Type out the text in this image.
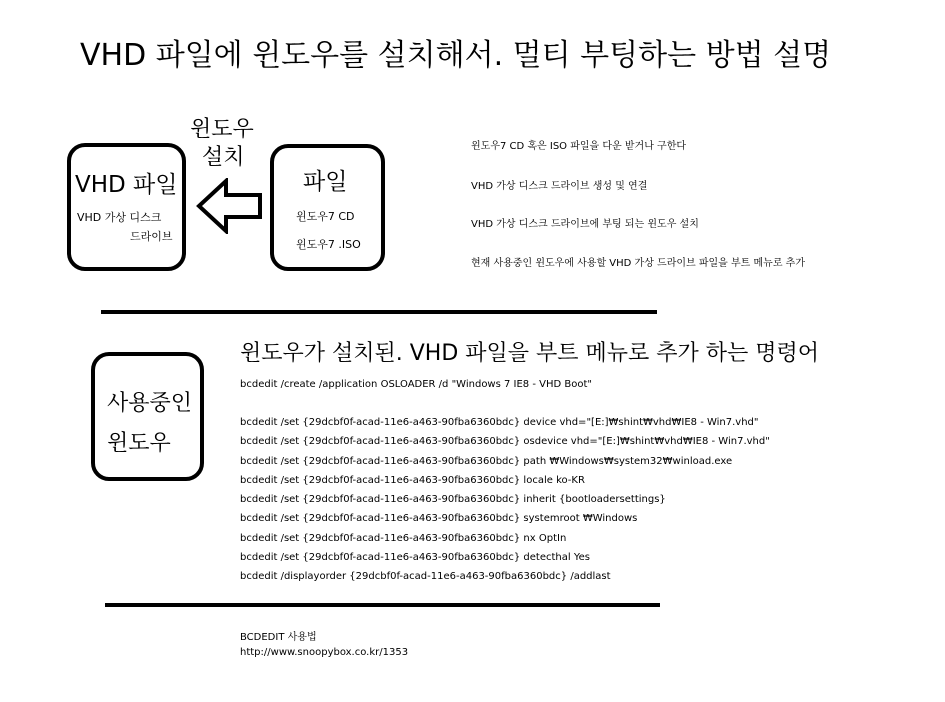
VHD 파일에 윈도우를 설치해서. 멀티 부팅하는 방법 설명
VHD 파일
VHD 가상 디스크
드라이브
윈도우
설치
파일
윈도우7 CD
윈도우7 .ISO
윈도우7 CD 혹은 ISO 파일을 다운 받거나 구한다
VHD 가상 디스크 드라이브 생성 및 연결
VHD 가상 디스크 드라이브에 부팅 되는 윈도우 설치
현재 사용중인 윈도우에 사용할 VHD 가상 드라이브 파일을 부트 메뉴로 추가
사용중인
윈도우
윈도우가 설치된. VHD 파일을 부트 메뉴로 추가 하는 명령어
bcdedit /create /application OSLOADER /d "Windows 7 IE8 - VHD Boot"
bcdedit /set {29dcbf0f-acad-11e6-a463-90fba6360bdc} device vhd="[E:]₩shint₩vhd₩IE8 - Win7.vhd"
bcdedit /set {29dcbf0f-acad-11e6-a463-90fba6360bdc} osdevice vhd="[E:]₩shint₩vhd₩IE8 - Win7.vhd"
bcdedit /set {29dcbf0f-acad-11e6-a463-90fba6360bdc} path ₩Windows₩system32₩winload.exe
bcdedit /set {29dcbf0f-acad-11e6-a463-90fba6360bdc} locale ko-KR
bcdedit /set {29dcbf0f-acad-11e6-a463-90fba6360bdc} inherit {bootloadersettings}
bcdedit /set {29dcbf0f-acad-11e6-a463-90fba6360bdc} systemroot ₩Windows
bcdedit /set {29dcbf0f-acad-11e6-a463-90fba6360bdc} nx OptIn
bcdedit /set {29dcbf0f-acad-11e6-a463-90fba6360bdc} detecthal Yes
bcdedit /displayorder {29dcbf0f-acad-11e6-a463-90fba6360bdc} /addlast
BCDEDIT 사용법
http://www.snoopybox.co.kr/1353
